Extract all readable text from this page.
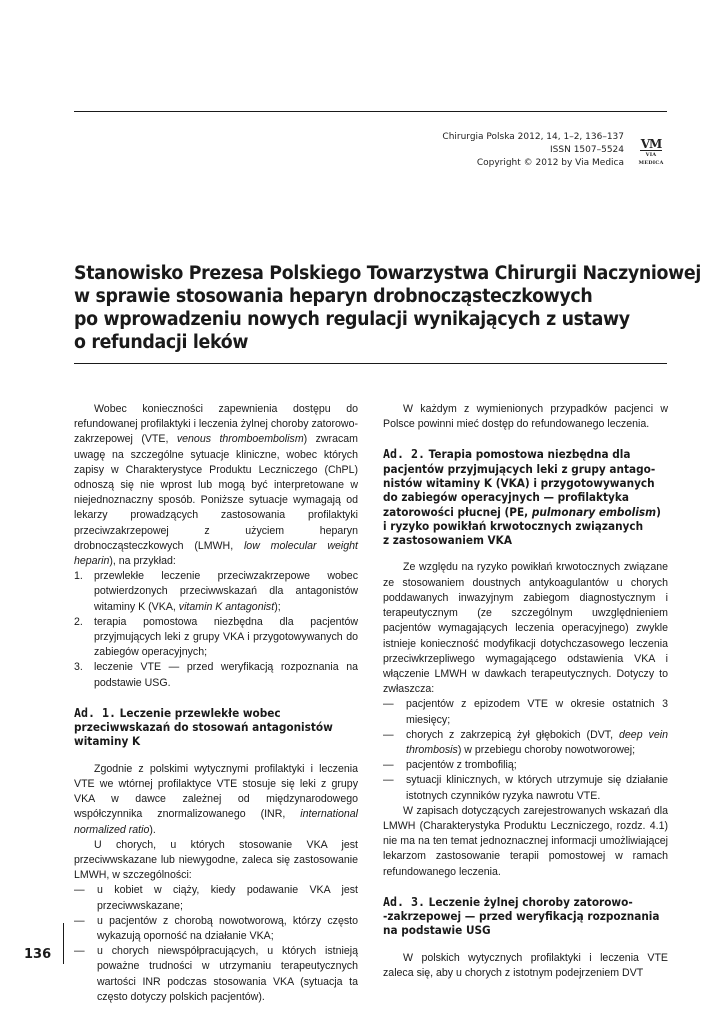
Chirurgia Polska 2012, 14, 1–2, 136–137
ISSN 1507–5524
Copyright © 2012 by Via Medica
VM
VIA MEDICA
Stanowisko Prezesa Polskiego Towarzystwa Chirurgii Naczyniowej
w sprawie stosowania heparyn drobnocząsteczkowych
po wprowadzeniu nowych regulacji wynikających z ustawy
o refundacji leków

Wobec konieczności zapewnienia dostępu do refundowanej profilaktyki i leczenia żylnej choroby zatorowo-zakrzepowej (VTE, venous thromboembolism) zwracam uwagę na szczególne sytuacje kliniczne, wobec których zapisy w Charakterystyce Produktu Leczniczego (ChPL) odnoszą się nie wprost lub mogą być interpretowane w niejednoznaczny sposób. Poniższe sytuacje wymagają od lekarzy prowadzących zastosowania profilaktyki przeciwzakrzepowej z użyciem heparyn drobnocząsteczkowych (LMWH, low molecular weight heparin), na przykład:

1. przewlekłe leczenie przeciwzakrzepowe wobec potwierdzonych przeciwwskazań dla antagonistów witaminy K (VKA, vitamin K antagonist);
2. terapia pomostowa niezbędna dla pacjentów przyjmujących leki z grupy VKA i przygotowywanych do zabiegów operacyjnych;
3. leczenie VTE — przed weryfikacją rozpoznania na podstawie USG.
Ad. 1. Leczenie przewlekłe wobec
przeciwwskazań do stosowań antagonistów
witaminy K

Zgodnie z polskimi wytycznymi profilaktyki i leczenia VTE we wtórnej profilaktyce VTE stosuje się leki z grupy VKA w dawce zależnej od międzynarodowego współczynnika znormalizowanego (INR, international normalized ratio).

U chorych, u których stosowanie VKA jest przeciwwskazane lub niewygodne, zaleca się zastosowanie LMWH, w szczególności:

— u kobiet w ciąży, kiedy podawanie VKA jest przeciwwskazane;
— u pacjentów z chorobą nowotworową, którzy często wykazują oporność na działanie VKA;
— u chorych niewspółpracujących, u których istnieją poważne trudności w utrzymaniu terapeutycznych wartości INR podczas stosowania VKA (sytuacja ta często dotyczy polskich pacjentów).

W każdym z wymienionych przypadków pacjenci w Polsce powinni mieć dostęp do refundowanego leczenia.

Ad. 2. Terapia pomostowa niezbędna dla
pacjentów przyjmujących leki z grupy antago-
nistów witaminy K (VKA) i przygotowywanych
do zabiegów operacyjnych — profilaktyka
zatorowości płucnej (PE, pulmonary embolism)
i ryzyko powikłań krwotocznych związanych
z zastosowaniem VKA

Ze względu na ryzyko powikłań krwotocznych związane ze stosowaniem doustnych antykoagulantów u chorych poddawanych inwazyjnym zabiegom diagnostycznym i terapeutycznym (ze szczególnym uwzględnieniem pacjentów wymagających leczenia operacyjnego) zwykle istnieje konieczność modyfikacji dotychczasowego leczenia przeciwkrzepliwego wymagającego odstawienia VKA i włączenie LMWH w dawkach terapeutycznych. Dotyczy to zwłaszcza:

— pacjentów z epizodem VTE w okresie ostatnich 3 miesięcy;
— chorych z zakrzepicą żył głębokich (DVT, deep vein thrombosis) w przebiegu choroby nowotworowej;
— pacjentów z trombofilią;
— sytuacji klinicznych, w których utrzymuje się działanie istotnych czynników ryzyka nawrotu VTE.

W zapisach dotyczących zarejestrowanych wskazań dla LMWH (Charakterystyka Produktu Leczniczego, rozdz. 4.1) nie ma na ten temat jednoznacznej informacji umożliwiającej lekarzom zastosowanie terapii pomostowej w ramach refundowanego leczenia.

Ad. 3. Leczenie żylnej choroby zatorowo-
-zakrzepowej — przed weryfikacją rozpoznania
na podstawie USG

W polskich wytycznych profilaktyki i leczenia VTE zaleca się, aby u chorych z istotnym podejrzeniem DVT

136
